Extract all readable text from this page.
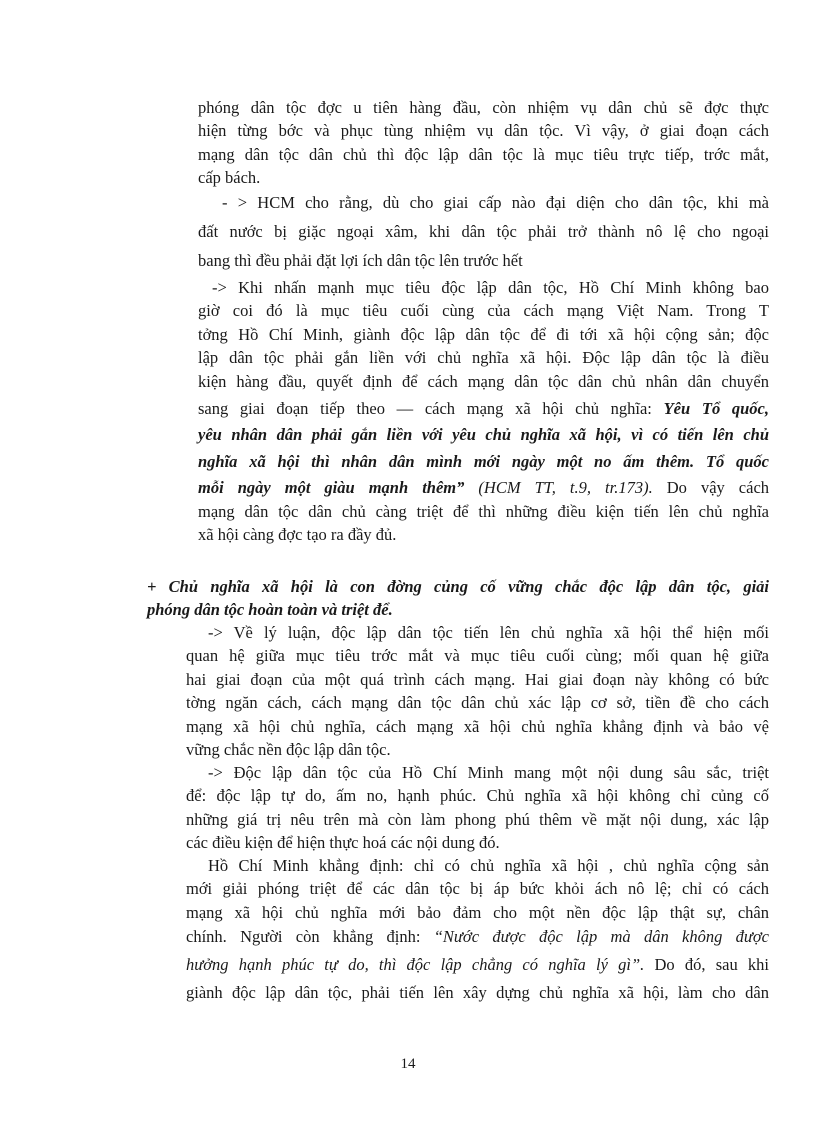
phóng dân tộc đợc u tiên hàng đầu, còn nhiệm vụ dân chủ sẽ đợc thực
hiện từng bớc và phục tùng nhiệm vụ dân tộc. Vì vậy, ở giai đoạn cách
mạng dân tộc dân chủ thì độc lập dân tộc là mục tiêu trực tiếp, trớc mắt,
cấp bách.
- > HCM cho rằng, dù cho giai cấp nào đại diện cho dân tộc, khi mà
đất nước bị giặc ngoại xâm, khi dân tộc phải trở thành nô lệ cho ngoại
bang thì đều phải đặt lợi ích dân tộc lên trước hết
-> Khi nhấn mạnh mục tiêu độc lập dân tộc, Hồ Chí Minh không bao
giờ coi đó là mục tiêu cuối cùng của cách mạng Việt Nam. Trong T
tởng Hồ Chí Minh, giành độc lập dân tộc để đi tới xã hội cộng sản; độc
lập dân tộc phải gắn liền với chủ nghĩa xã hội. Độc lập dân tộc là điều
kiện hàng đầu, quyết định để cách mạng dân tộc dân chủ nhân dân chuyển
sang giai đoạn tiếp theo — cách mạng xã hội chủ nghĩa: Yêu Tổ quốc,
yêu nhân dân phải gắn liền với yêu chủ nghĩa xã hội, vì có tiến lên chủ
nghĩa xã hội thì nhân dân mình mới ngày một no ấm thêm. Tổ quốc
mỗi ngày một giàu mạnh thêm” (HCM TT, t.9, tr.173). Do vậy cách
mạng dân tộc dân chủ càng triệt để thì những điều kiện tiến lên chủ nghĩa
xã hội càng đợc tạo ra đầy đủ.
+ Chủ nghĩa xã hội là con đờng củng cố vững chắc độc lập dân tộc, giải
phóng dân tộc hoàn toàn và triệt để.
-> Về lý luận, độc lập dân tộc tiến lên chủ nghĩa xã hội thể hiện mối
quan hệ giữa mục tiêu trớc mắt và mục tiêu cuối cùng; mối quan hệ giữa
hai giai đoạn của một quá trình cách mạng. Hai giai đoạn này không có bức
tờng ngăn cách, cách mạng dân tộc dân chủ xác lập cơ sở, tiền đề cho cách
mạng xã hội chủ nghĩa, cách mạng xã hội chủ nghĩa khẳng định và bảo vệ
vững chắc nền độc lập dân tộc.
-> Độc lập dân tộc của Hồ Chí Minh mang một nội dung sâu sắc, triệt
để: độc lập tự do, ấm no, hạnh phúc. Chủ nghĩa xã hội không chỉ củng cố
những giá trị nêu trên mà còn làm phong phú thêm về mặt nội dung, xác lập
các điều kiện để hiện thực hoá các nội dung đó.
Hồ Chí Minh khẳng định: chỉ có chủ nghĩa xã hội , chủ nghĩa cộng sản
mới giải phóng triệt để các dân tộc bị áp bức khỏi ách nô lệ; chỉ có cách
mạng xã hội chủ nghĩa mới bảo đảm cho một nền độc lập thật sự, chân
chính. Người còn khẳng định: “Nước được độc lập mà dân không được
hưởng hạnh phúc tự do, thì độc lập chẳng có nghĩa lý gì”. Do đó, sau khi
giành độc lập dân tộc, phải tiến lên xây dựng chủ nghĩa xã hội, làm cho dân
14
